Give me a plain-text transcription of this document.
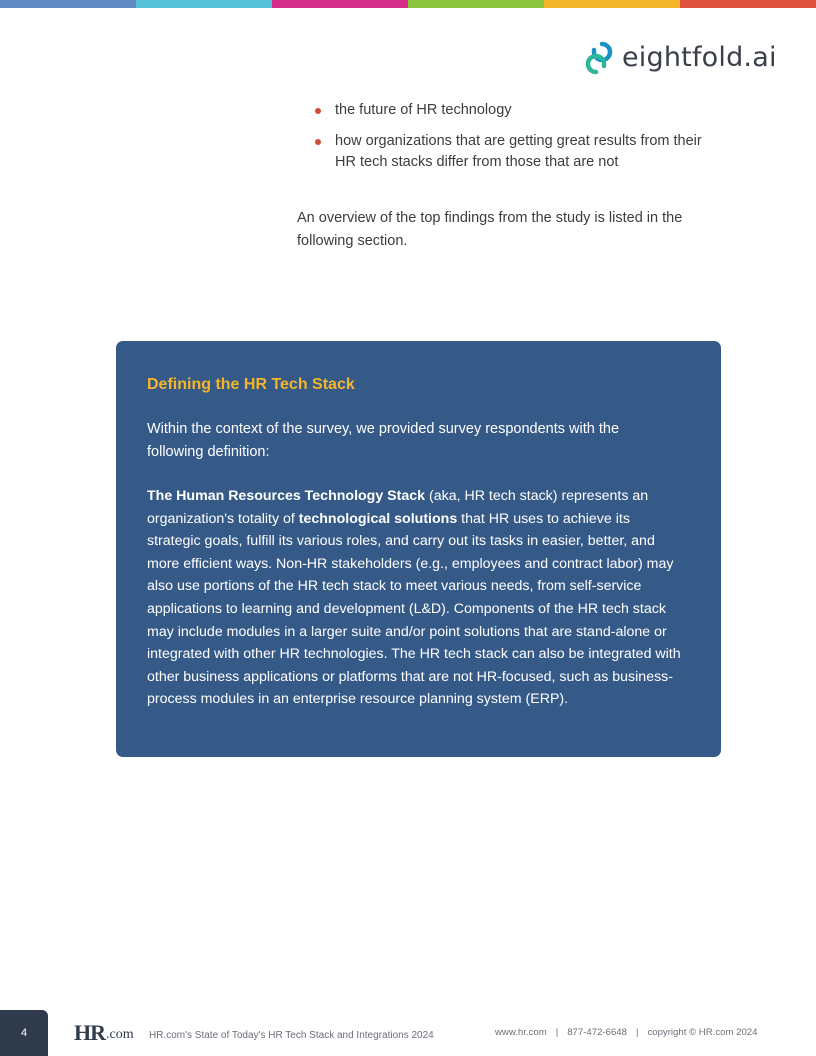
eightfold.ai
the future of HR technology
how organizations that are getting great results from their HR tech stacks differ from those that are not

An overview of the top findings from the study is listed in the following section.

Defining the HR Tech Stack

Within the context of the survey, we provided survey respondents with the following definition:

The Human Resources Technology Stack (aka, HR tech stack) represents an organization's totality of technological solutions that HR uses to achieve its strategic goals, fulfill its various roles, and carry out its tasks in easier, better, and more efficient ways. Non-HR stakeholders (e.g., employees and contract labor) may also use portions of the HR tech stack to meet various needs, from self-service applications to learning and development (L&D). Components of the HR tech stack may include modules in a larger suite and/or point solutions that are stand-alone or integrated with other HR technologies. The HR tech stack can also be integrated with other business applications or platforms that are not HR-focused, such as business-process modules in an enterprise resource planning system (ERP).

4 HR .com HR.com's State of Today's HR Tech Stack and Integrations 2024	www.hr.com | 877-472-6648 | copyright © HR.com 2024
